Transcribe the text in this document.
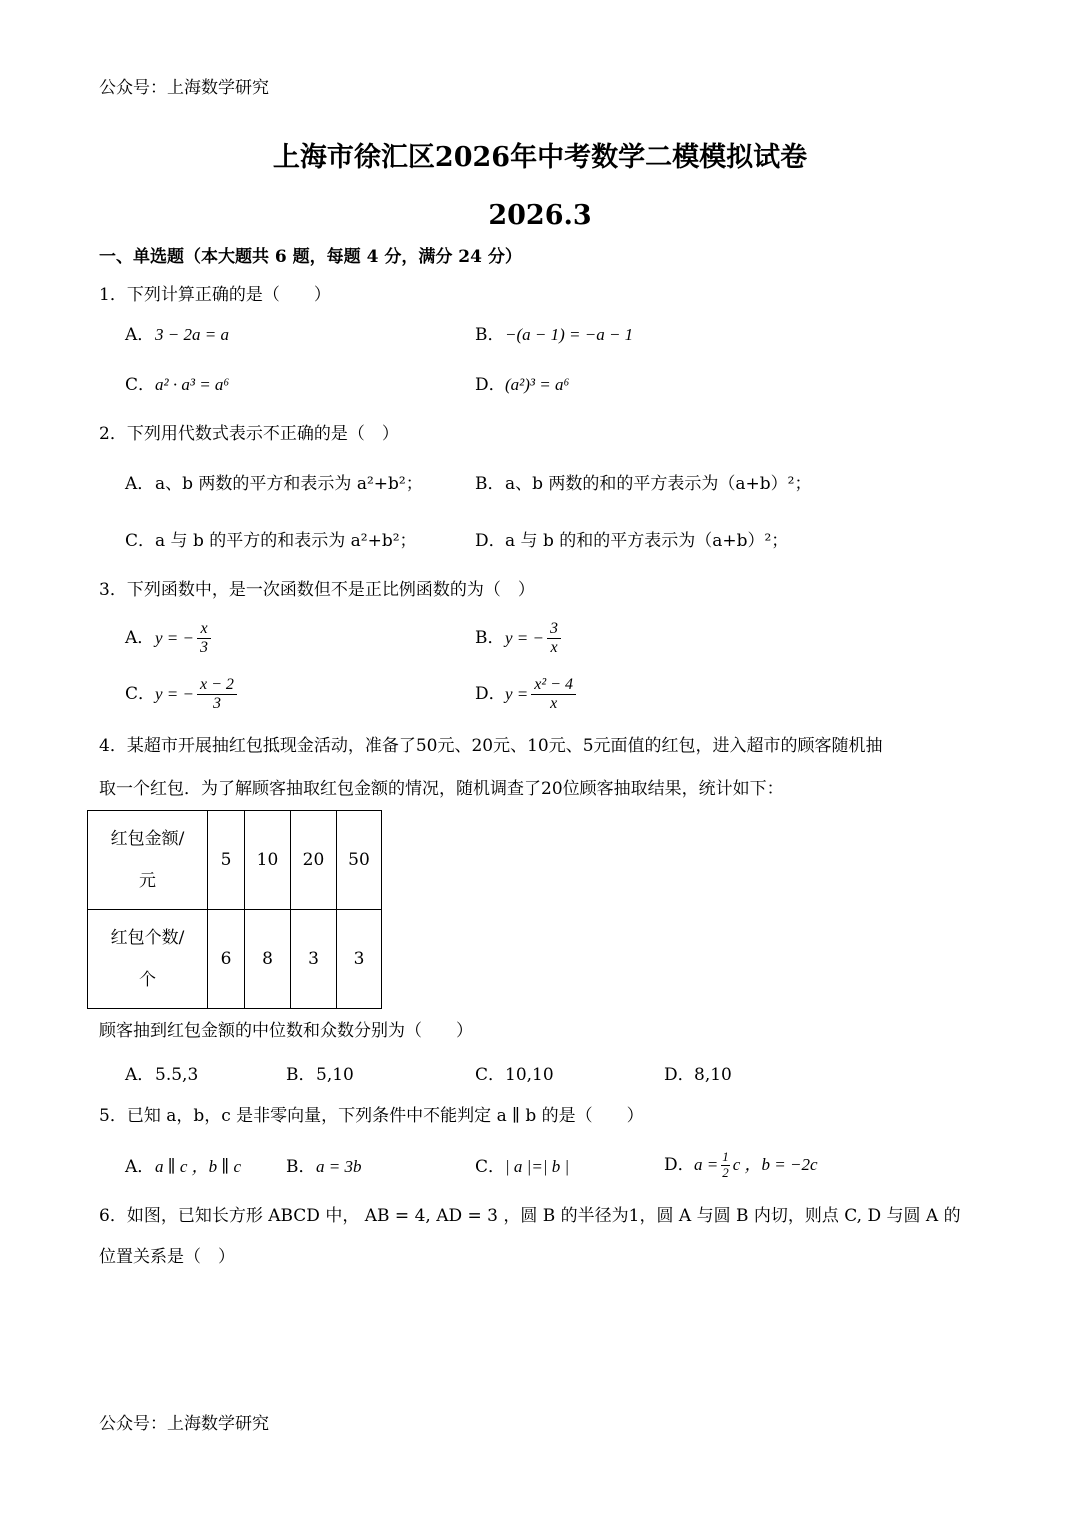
公众号：上海数学研究
上海市徐汇区2026年中考数学二模模拟试卷
2026.3
一、单选题（本大题共 6 题，每题 4 分，满分 24 分）
1．下列计算正确的是（　　）
A．3 − 2a = a	B．−(a − 1) = −a − 1
C．a² · a³ = a⁶	D．(a²)³ = a⁶
2．下列用代数式表示不正确的是（　）
A．a、b 两数的平方和表示为 a²+b²；	B．a、b 两数的和的平方表示为（a+b）²；
C．a 与 b 的平方的和表示为 a²+b²；	D．a 与 b 的和的平方表示为（a+b）²；
3．下列函数中，是一次函数但不是正比例函数的为（　）
A．y = − $\frac{x}{3}$	B．y = − $\frac{3}{x}$
C．y = − $\frac{x - 2}{3}$	D．$y = \frac{\text{x² − 4}}{x}$
4．某超市开展抽红包抵现金活动，准备了50元、20元、10元、5元面值的红包，进入超市的顾客随机抽
取一个红包．为了解顾客抽取红包金额的情况，随机调查了20位顾客抽取结果，统计如下：
红包金额/
元	5	10	20	50

红包个数/
个	6	8	3	3
顾客抽到红包金额的中位数和众数分别为（　　）
A．5.5,3	B．5,10	C．10,10	D．8,10
5．已知 a，b，c 是非零向量，下列条件中不能判定 a ∥ b 的是（　　）
A．a ∥ c ，b ∥ c	B．a = 3b	C．| a |=| b |	D．$a = \frac{1}{2}$ c ，b = −2c
6．如图，已知长方形 ABCD 中， AB = 4, AD = 3 ，圆 B 的半径为1，圆 A 与圆 B 内切，则点 C, D 与圆 A 的
位置关系是（　）
公众号：上海数学研究
